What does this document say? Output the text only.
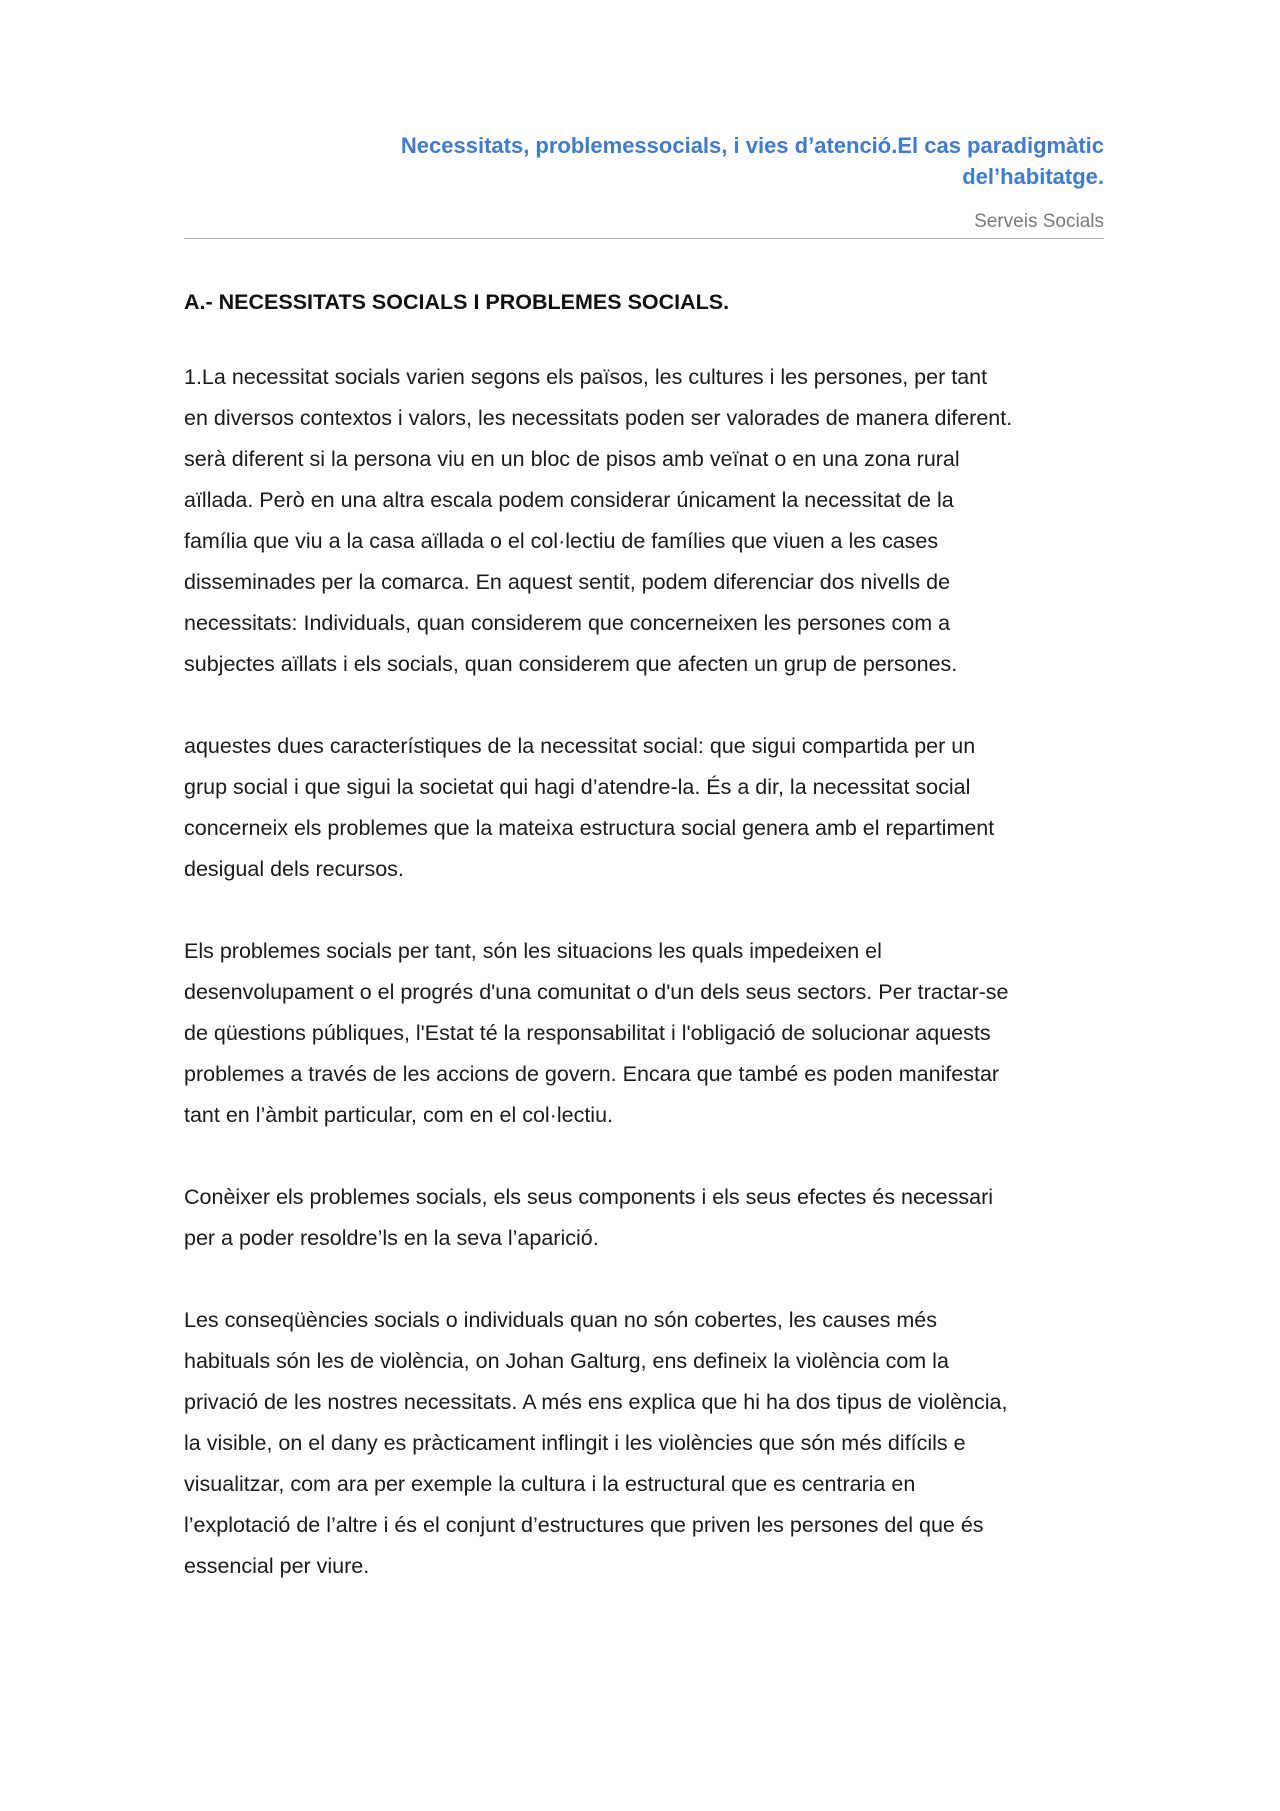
Necessitats, problemessocials, i vies d’atenció.El cas paradigmàtic
del’habitatge.

Serveis Socials
A.- NECESSITATS SOCIALS I PROBLEMES SOCIALS.

1.La necessitat socials varien segons els països, les cultures i les persones, per tant
en diversos contextos i valors, les necessitats poden ser valorades de manera diferent.
serà diferent si la persona viu en un bloc de pisos amb veïnat o en una zona rural
aïllada. Però en una altra escala podem considerar únicament la necessitat de la
família que viu a la casa aïllada o el col·lectiu de famílies que viuen a les cases
disseminades per la comarca. En aquest sentit, podem diferenciar dos nivells de
necessitats: Individuals, quan considerem que concerneixen les persones com a
subjectes aïllats i els socials, quan considerem que afecten un grup de persones.

aquestes dues característiques de la necessitat social: que sigui compartida per un
grup social i que sigui la societat qui hagi d’atendre-la. És a dir, la necessitat social
concerneix els problemes que la mateixa estructura social genera amb el repartiment
desigual dels recursos.

Els problemes socials per tant, són les situacions les quals impedeixen el
desenvolupament o el progrés d'una comunitat o d'un dels seus sectors. Per tractar-se
de qüestions públiques, l'Estat té la responsabilitat i l'obligació de solucionar aquests
problemes a través de les accions de govern. Encara que també es poden manifestar
tant en l’àmbit particular, com en el col·lectiu.

Conèixer els problemes socials, els seus components i els seus efectes és necessari
per a poder resoldre’ls en la seva l’aparició.

Les conseqüències socials o individuals quan no són cobertes, les causes més
habituals són les de violència, on Johan Galturg, ens defineix la violència com la
privació de les nostres necessitats. A més ens explica que hi ha dos tipus de violència,
la visible, on el dany es pràcticament inflingit i les violències que són més difícils e
visualitzar, com ara per exemple la cultura i la estructural que es centraria en
l’explotació de l’altre i és el conjunt d’estructures que priven les persones del que és
essencial per viure.
